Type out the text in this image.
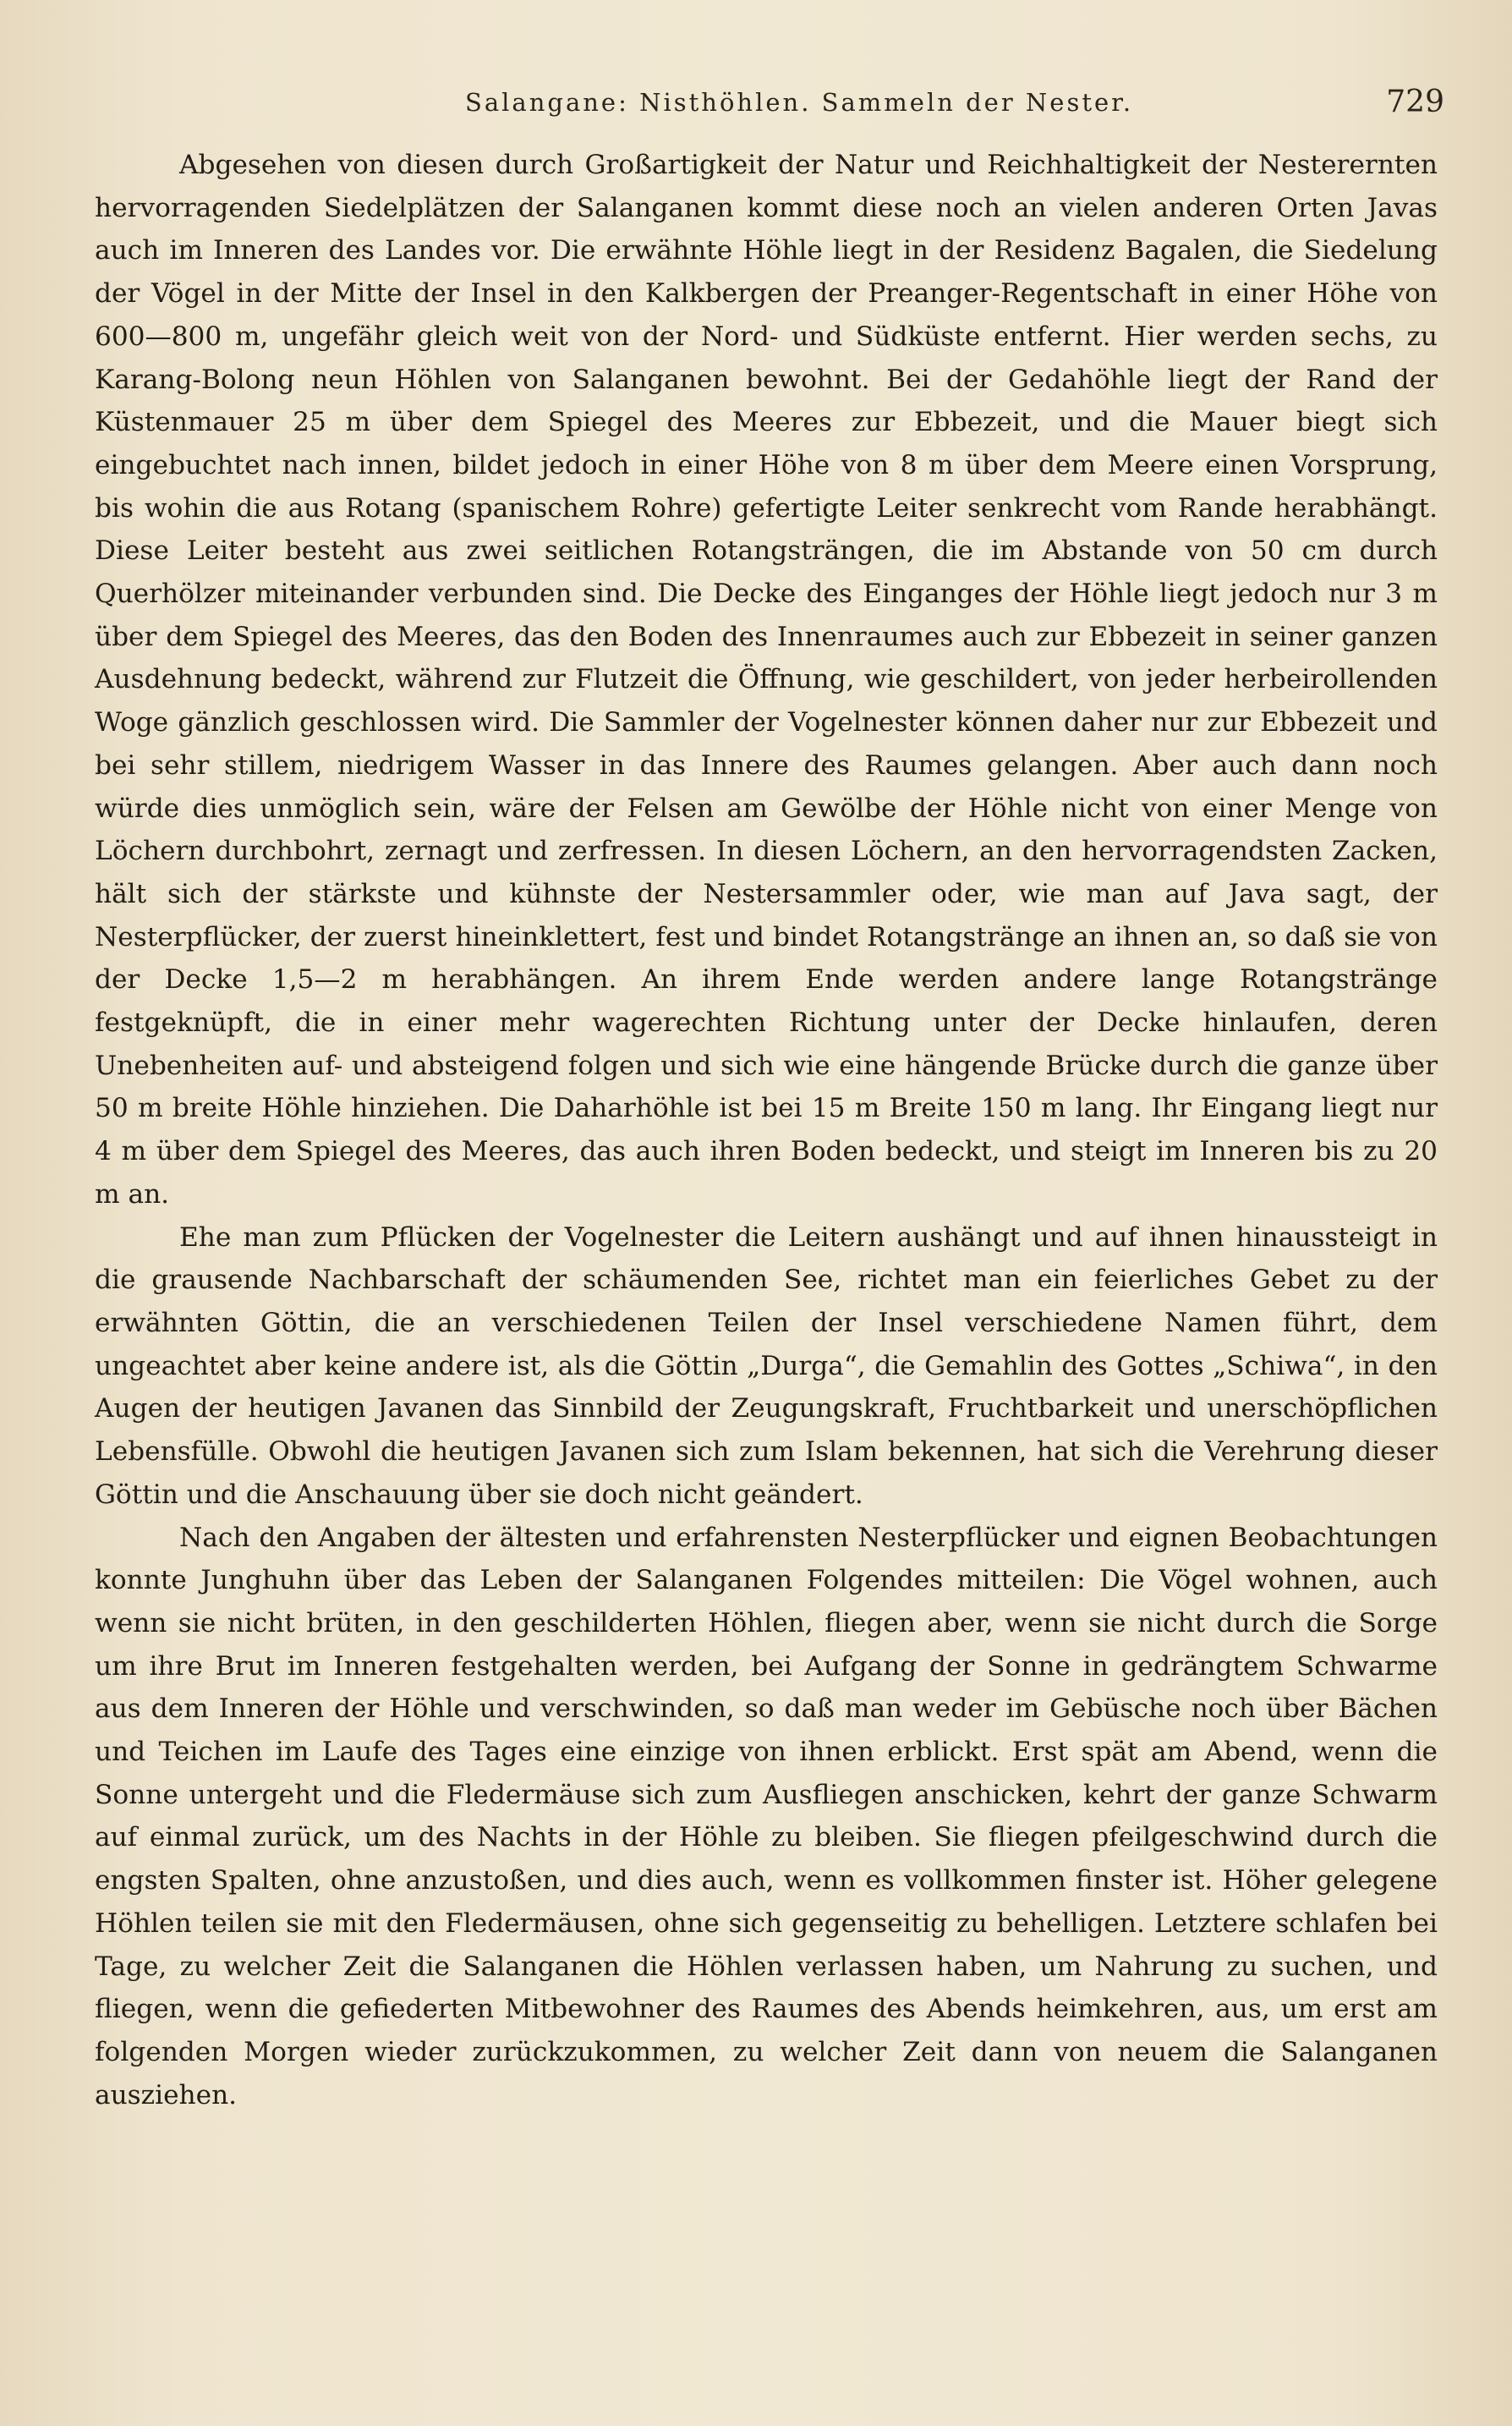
Salangane: Nisthöhlen. Sammeln der Nester.	729

Abgesehen von diesen durch Großartigkeit der Natur und Reichhaltigkeit der Nesterernten hervorragenden Siedelplätzen der Salanganen kommt diese noch an vielen anderen Orten Javas auch im Inneren des Landes vor. Die erwähnte Höhle liegt in der Residenz Bagalen, die Siedelung der Vögel in der Mitte der Insel in den Kalkbergen der Preanger-Regentschaft in einer Höhe von 600—800 m, ungefähr gleich weit von der Nord- und Südküste entfernt. Hier werden sechs, zu Karang-Bolong neun Höhlen von Salanganen bewohnt. Bei der Gedahöhle liegt der Rand der Küstenmauer 25 m über dem Spiegel des Meeres zur Ebbezeit, und die Mauer biegt sich eingebuchtet nach innen, bildet jedoch in einer Höhe von 8 m über dem Meere einen Vorsprung, bis wohin die aus Rotang (spanischem Rohre) gefertigte Leiter senkrecht vom Rande herabhängt. Diese Leiter besteht aus zwei seitlichen Rotangsträngen, die im Abstande von 50 cm durch Querhölzer miteinander verbunden sind. Die Decke des Einganges der Höhle liegt jedoch nur 3 m über dem Spiegel des Meeres, das den Boden des Innenraumes auch zur Ebbezeit in seiner ganzen Ausdehnung bedeckt, während zur Flutzeit die Öffnung, wie geschildert, von jeder herbeirollenden Woge gänzlich geschlossen wird. Die Sammler der Vogelnester können daher nur zur Ebbezeit und bei sehr stillem, niedrigem Wasser in das Innere des Raumes gelangen. Aber auch dann noch würde dies unmöglich sein, wäre der Felsen am Gewölbe der Höhle nicht von einer Menge von Löchern durchbohrt, zernagt und zerfressen. In diesen Löchern, an den hervorragendsten Zacken, hält sich der stärkste und kühnste der Nestersammler oder, wie man auf Java sagt, der Nesterpflücker, der zuerst hineinklettert, fest und bindet Rotangstränge an ihnen an, so daß sie von der Decke 1,5—2 m herabhängen. An ihrem Ende werden andere lange Rotangstränge festgeknüpft, die in einer mehr wagerechten Richtung unter der Decke hinlaufen, deren Unebenheiten auf- und absteigend folgen und sich wie eine hängende Brücke durch die ganze über 50 m breite Höhle hinziehen. Die Daharhöhle ist bei 15 m Breite 150 m lang. Ihr Eingang liegt nur 4 m über dem Spiegel des Meeres, das auch ihren Boden bedeckt, und steigt im Inneren bis zu 20 m an.

Ehe man zum Pflücken der Vogelnester die Leitern aushängt und auf ihnen hinaussteigt in die grausende Nachbarschaft der schäumenden See, richtet man ein feierliches Gebet zu der erwähnten Göttin, die an verschiedenen Teilen der Insel verschiedene Namen führt, dem ungeachtet aber keine andere ist, als die Göttin „Durga“, die Gemahlin des Gottes „Schiwa“, in den Augen der heutigen Javanen das Sinnbild der Zeugungskraft, Fruchtbarkeit und unerschöpflichen Lebensfülle. Obwohl die heutigen Javanen sich zum Islam bekennen, hat sich die Verehrung dieser Göttin und die Anschauung über sie doch nicht geändert.

Nach den Angaben der ältesten und erfahrensten Nesterpflücker und eignen Beobachtungen konnte Junghuhn über das Leben der Salanganen Folgendes mitteilen: Die Vögel wohnen, auch wenn sie nicht brüten, in den geschilderten Höhlen, fliegen aber, wenn sie nicht durch die Sorge um ihre Brut im Inneren festgehalten werden, bei Aufgang der Sonne in gedrängtem Schwarme aus dem Inneren der Höhle und verschwinden, so daß man weder im Gebüsche noch über Bächen und Teichen im Laufe des Tages eine einzige von ihnen erblickt. Erst spät am Abend, wenn die Sonne untergeht und die Fledermäuse sich zum Ausfliegen anschicken, kehrt der ganze Schwarm auf einmal zurück, um des Nachts in der Höhle zu bleiben. Sie fliegen pfeilgeschwind durch die engsten Spalten, ohne anzustoßen, und dies auch, wenn es vollkommen finster ist. Höher gelegene Höhlen teilen sie mit den Fledermäusen, ohne sich gegenseitig zu behelligen. Letztere schlafen bei Tage, zu welcher Zeit die Salanganen die Höhlen verlassen haben, um Nahrung zu suchen, und fliegen, wenn die gefiederten Mitbewohner des Raumes des Abends heimkehren, aus, um erst am folgenden Morgen wieder zurückzukommen, zu welcher Zeit dann von neuem die Salanganen ausziehen.
